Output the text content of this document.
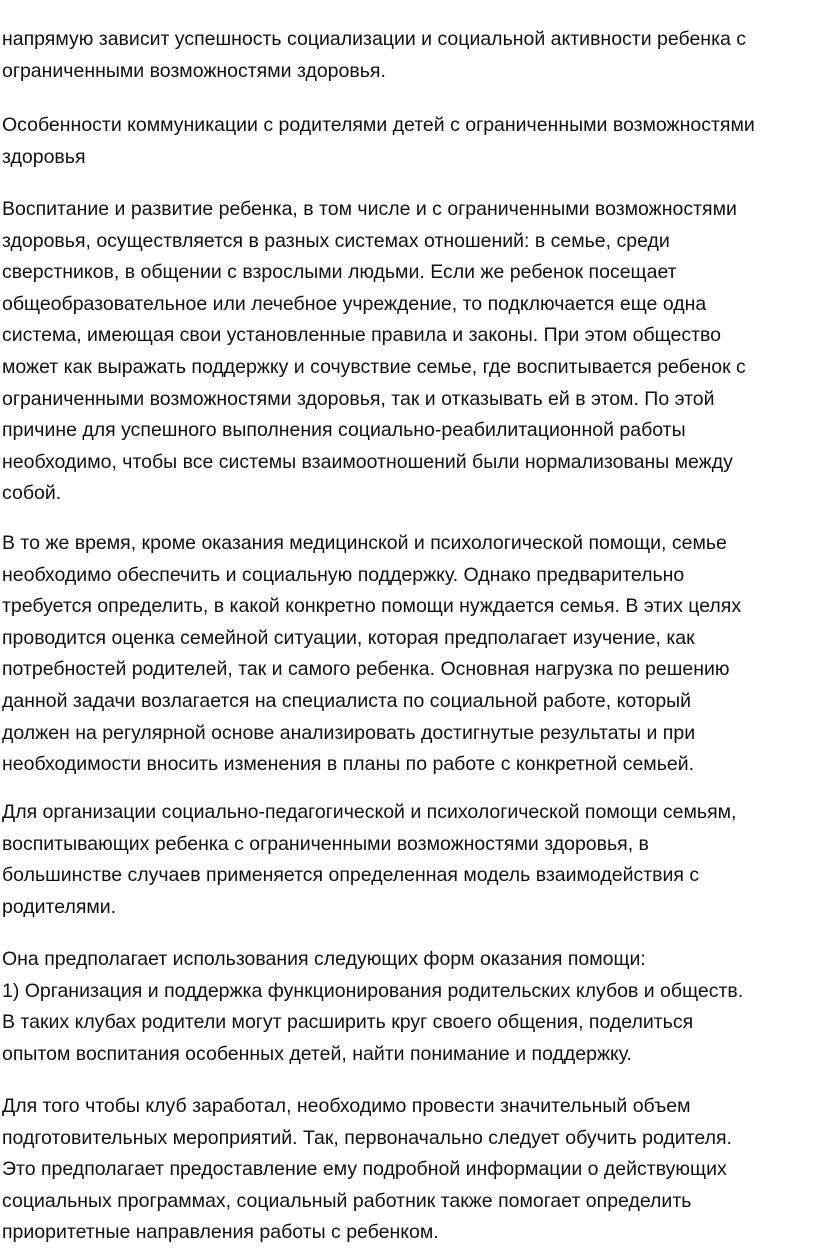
напрямую зависит успешность социализации и социальной активности ребенка с
ограниченными возможностями здоровья.

Особенности коммуникации с родителями детей с ограниченными возможностями
здоровья

Воспитание и развитие ребенка, в том числе и с ограниченными возможностями
здоровья, осуществляется в разных системах отношений: в семье, среди
сверстников, в общении с взрослыми людьми. Если же ребенок посещает
общеобразовательное или лечебное учреждение, то подключается еще одна
система, имеющая свои установленные правила и законы. При этом общество
может как выражать поддержку и сочувствие семье, где воспитывается ребенок с
ограниченными возможностями здоровья, так и отказывать ей в этом. По этой
причине для успешного выполнения социально-реабилитационной работы
необходимо, чтобы все системы взаимоотношений были нормализованы между
собой.

В то же время, кроме оказания медицинской и психологической помощи, семье
необходимо обеспечить и социальную поддержку. Однако предварительно
требуется определить, в какой конкретно помощи нуждается семья. В этих целях
проводится оценка семейной ситуации, которая предполагает изучение, как
потребностей родителей, так и самого ребенка. Основная нагрузка по решению
данной задачи возлагается на специалиста по социальной работе, который
должен на регулярной основе анализировать достигнутые результаты и при
необходимости вносить изменения в планы по работе с конкретной семьей.

Для организации социально-педагогической и психологической помощи семьям,
воспитывающих ребенка с ограниченными возможностями здоровья, в
большинстве случаев применяется определенная модель взаимодействия с
родителями.

Она предполагает использования следующих форм оказания помощи:
1) Организация и поддержка функционирования родительских клубов и обществ.
В таких клубах родители могут расширить круг своего общения, поделиться
опытом воспитания особенных детей, найти понимание и поддержку.

Для того чтобы клуб заработал, необходимо провести значительный объем
подготовительных мероприятий. Так, первоначально следует обучить родителя.
Это предполагает предоставление ему подробной информации о действующих
социальных программах, социальный работник также помогает определить
приоритетные направления работы с ребенком.
